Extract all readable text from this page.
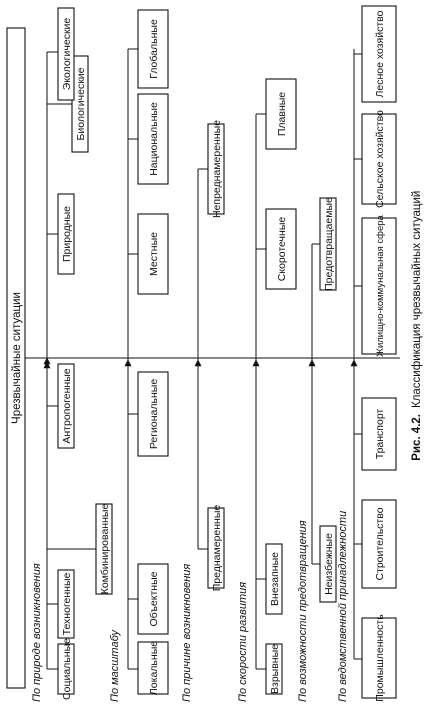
Чрезвычайные ситуации
По природе возникновения Социальные
Техногенные
Комбинированные
Антропогенные
Природные
Биологические
Экологические
По масштабу	Локальные
Объектные
Региональные
Местные
Национальные
Глобальные
По причине возникновения
Преднамеренные
Непреднамеренные
По скорости развития Взрывные
Внезапные
Скоротечные
Плавные
По возможности предотвращения Неизбежные
Предотвращаемые
По ведомственной принадлежности Промышленность
Строительство
Транспорт
Жилищно-коммунальная сфера
Сельское хозяйство
Лесное хозяйство
Рис. 4.2.
Классификация чрезвычайных ситуаций
